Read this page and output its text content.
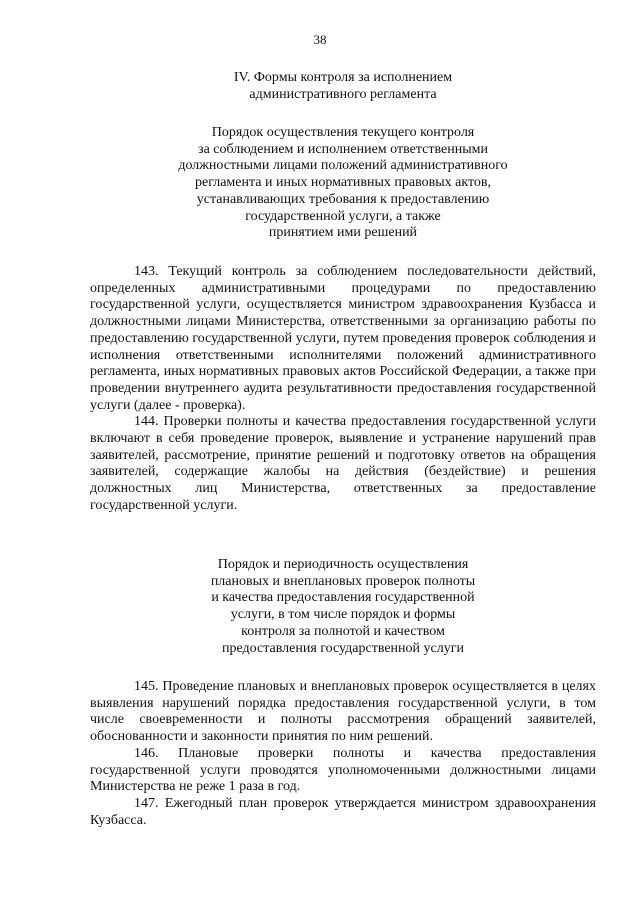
38
IV. Формы контроля за исполнением
административного регламента
Порядок осуществления текущего контроля
за соблюдением и исполнением ответственными
должностными лицами положений административного
регламента и иных нормативных правовых актов,
устанавливающих требования к предоставлению
государственной услуги, а также
принятием ими решений

143. Текущий контроль за соблюдением последовательности действий, определенных административными процедурами по предоставлению государственной услуги, осуществляется министром здравоохранения Кузбасса и должностными лицами Министерства, ответственными за организацию работы по предоставлению государственной услуги, путем проведения проверок соблюдения и исполнения ответственными исполнителями положений административного регламента, иных нормативных правовых актов Российской Федерации, а также при проведении внутреннего аудита результативности предоставления государственной услуги (далее - проверка).

144. Проверки полноты и качества предоставления государственной услуги включают в себя проведение проверок, выявление и устранение нарушений прав заявителей, рассмотрение, принятие решений и подготовку ответов на обращения заявителей, содержащие жалобы на действия (бездействие) и решения должностных лиц Министерства, ответственных за предоставление государственной услуги.

Порядок и периодичность осуществления
плановых и внеплановых проверок полноты
и качества предоставления государственной
услуги, в том числе порядок и формы
контроля за полнотой и качеством
предоставления государственной услуги

145. Проведение плановых и внеплановых проверок осуществляется в целях выявления нарушений порядка предоставления государственной услуги, в том числе своевременности и полноты рассмотрения обращений заявителей, обоснованности и законности принятия по ним решений.

146. Плановые проверки полноты и качества предоставления государственной услуги проводятся уполномоченными должностными лицами Министерства не реже 1 раза в год.

147. Ежегодный план проверок утверждается министром здравоохранения Кузбасса.
